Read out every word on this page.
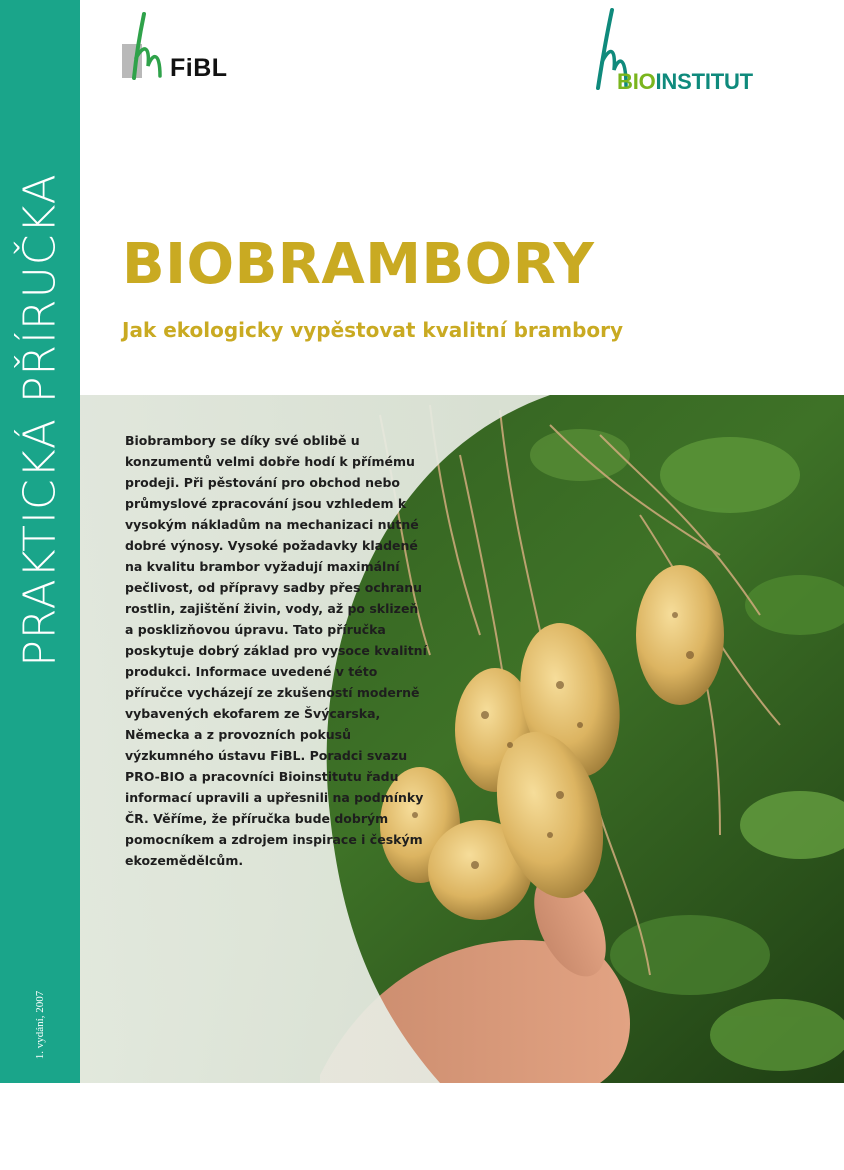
PRAKTICKÁ PŘÍRUČKA
1. vydání, 2007
FiBL	BIOINSTITUT
BIOBRAMBORY
Jak ekologicky vypěstovat kvalitní brambory
Biobrambory se díky své oblibě u konzumentů velmi dobře hodí k přímému prodeji. Při pěstování pro obchod nebo průmyslové zpracování jsou vzhledem k vysokým nákladům na mechanizaci nutné dobré výnosy. Vysoké požadavky kladené na kvalitu brambor vyžadují maximální pečlivost, od přípravy sadby přes ochranu rostlin, zajištění živin, vody, až po sklizeň a posklizňovou úpravu. Tato příručka poskytuje dobrý základ pro vysoce kvalitní produkci. Informace uvedené v této příručce vycházejí ze zkušeností moderně vybavených ekofarem ze Švýcarska, Německa a z provozních pokusů výzkumného ústavu FiBL. Poradci svazu PRO-BIO a pracovníci Bioinstitutu řadu informací upravili a upřesnili na podmínky ČR. Věříme, že příručka bude dobrým pomocníkem a zdrojem inspirace i českým ekozemědělcům.
